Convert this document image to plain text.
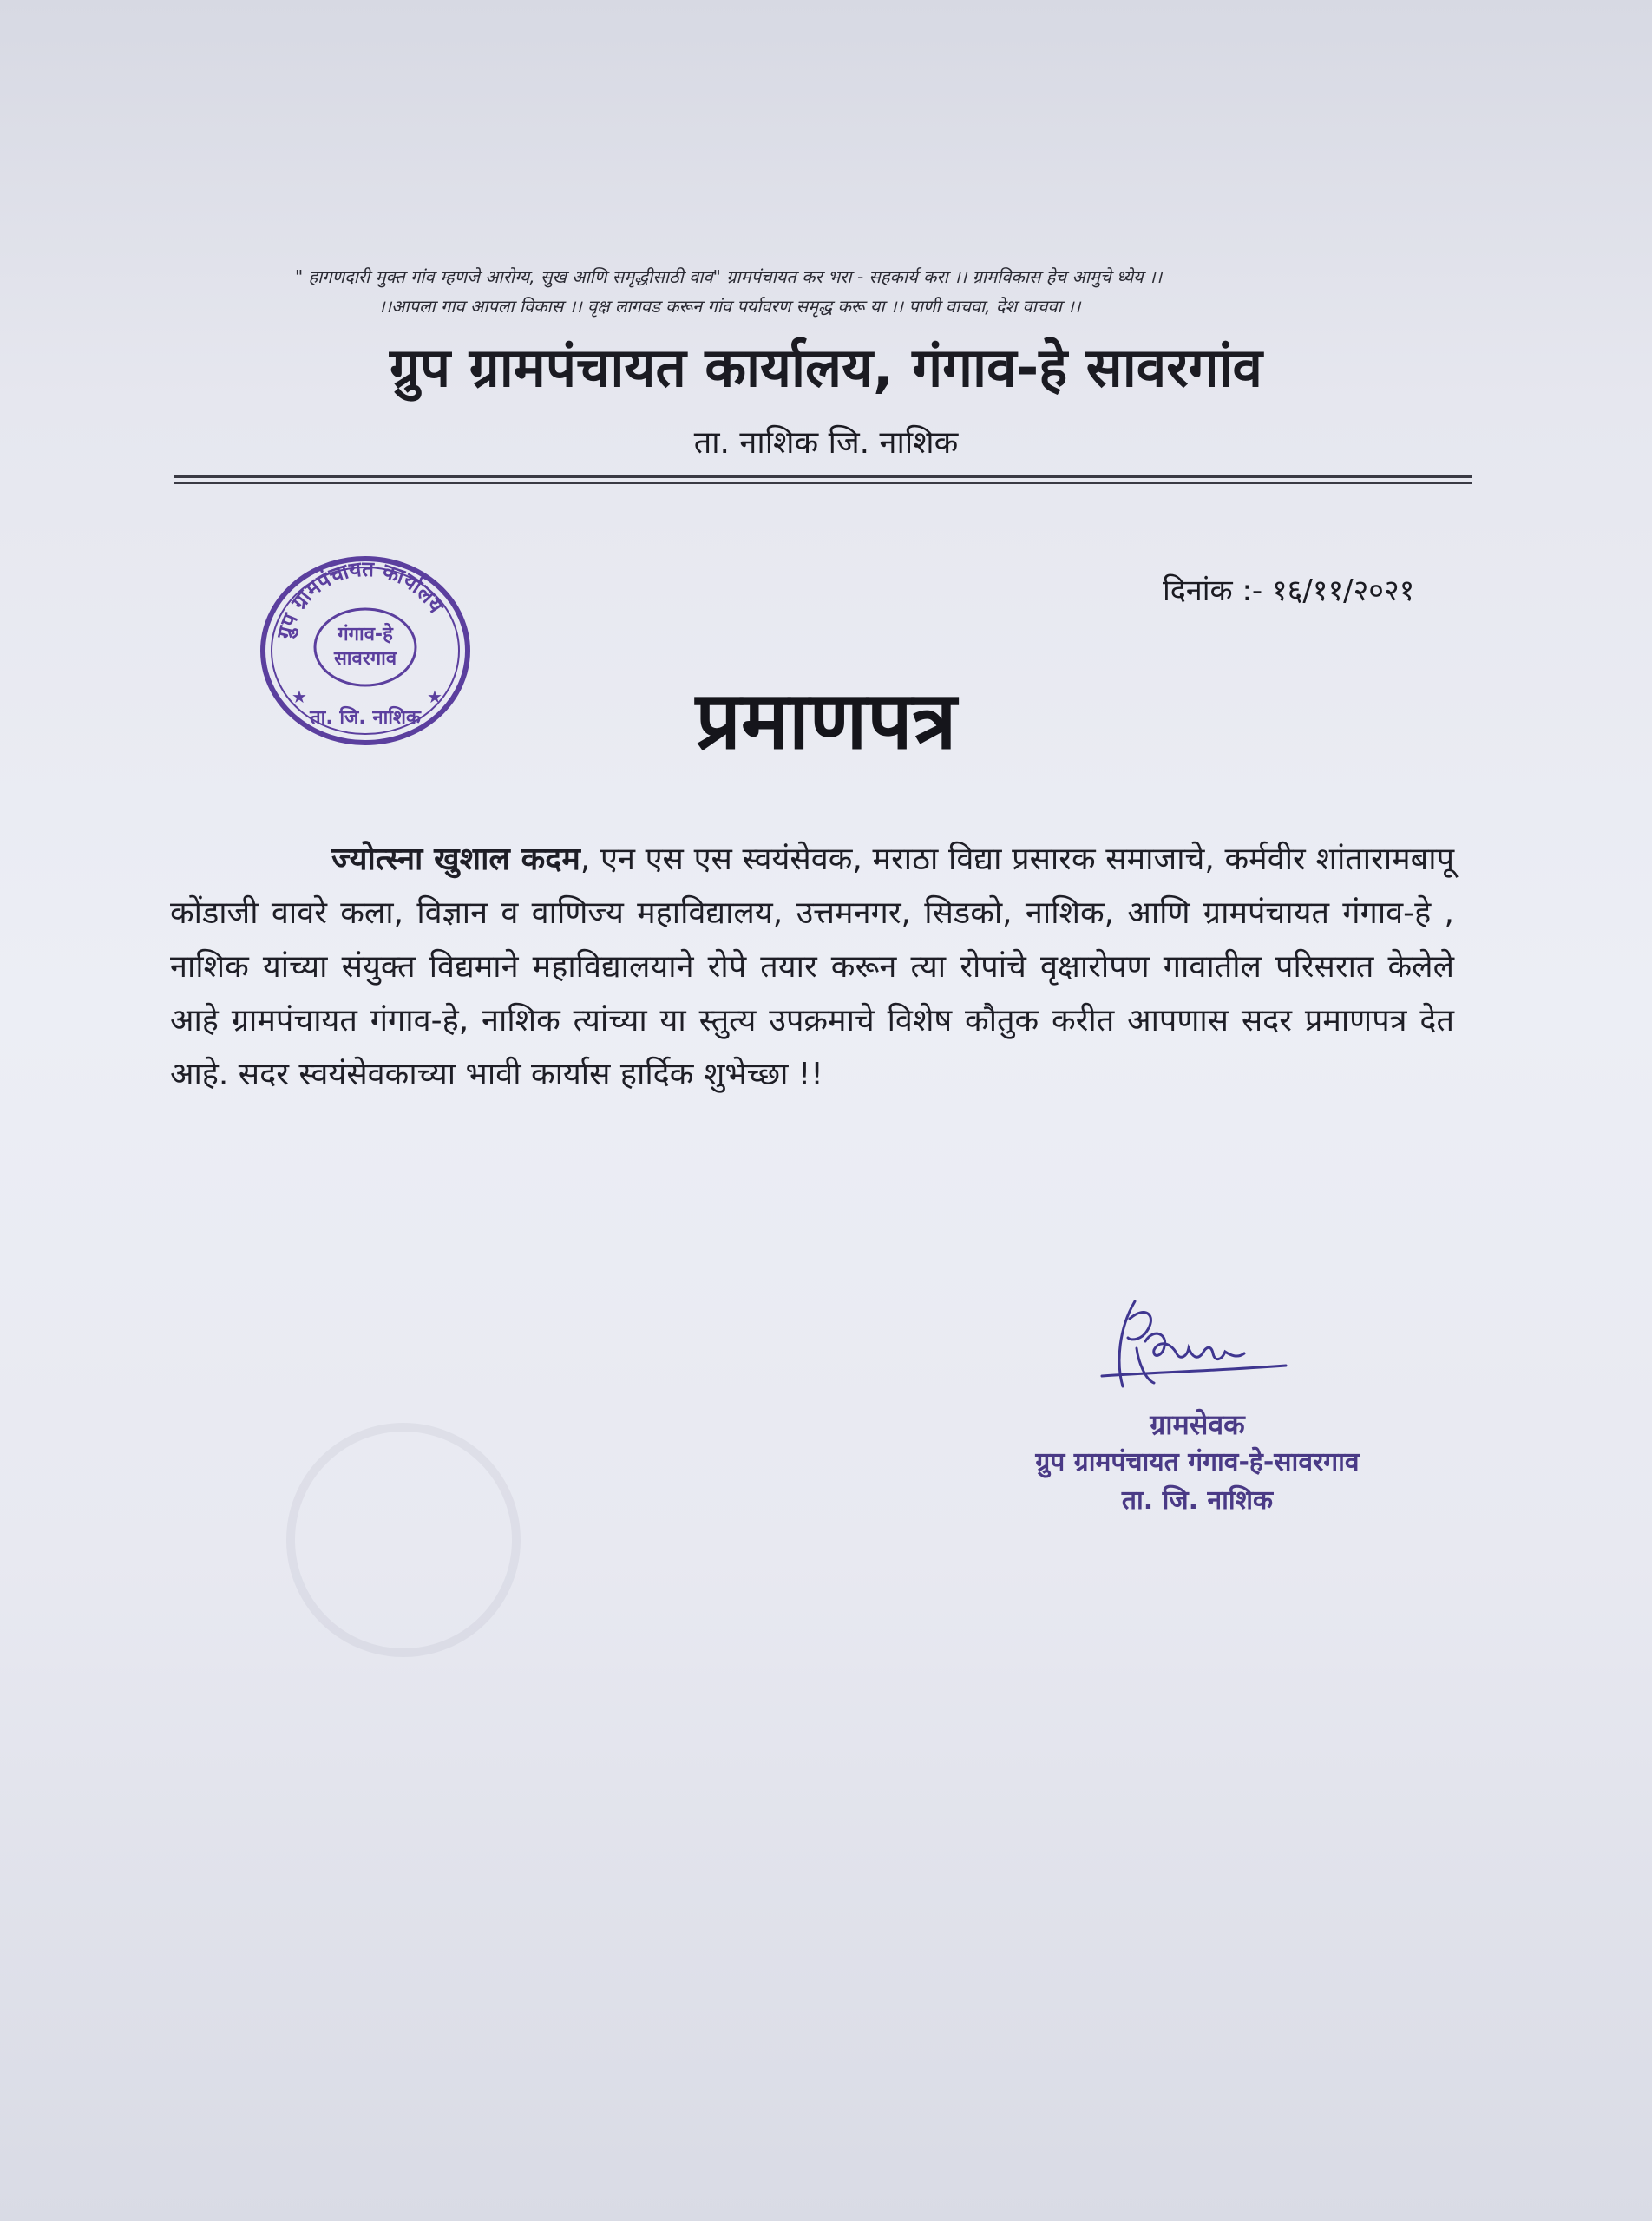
" हागणदारी मुक्त गांव म्हणजे आरोग्य, सुख आणि समृद्धीसाठी वाव" ग्रामपंचायत कर भरा - सहकार्य करा ।। ग्रामविकास हेच आमुचे ध्येय ।।
।।आपला गाव आपला विकास ।। वृक्ष लागवड करून गांव पर्यावरण समृद्ध करू या ।। पाणी वाचवा, देश वाचवा ।।
ग्रुप ग्रामपंचायत कार्यालय, गंगाव-हे सावरगांव
ता. नाशिक जि. नाशिक
ग्रुप ग्रामपंचायत कार्यालय
गंगाव-हे
सावरगाव
ता. जि. नाशिक
★	★
दिनांक :- १६/११/२०२१
प्रमाणपत्र
ज्योत्स्ना खुशाल कदम, एन एस एस स्वयंसेवक, मराठा विद्या प्रसारक समाजाचे, कर्मवीर शांतारामबापू कोंडाजी वावरे कला, विज्ञान व वाणिज्य महाविद्यालय, उत्तमनगर, सिडको, नाशिक, आणि ग्रामपंचायत गंगाव-हे , नाशिक यांच्या संयुक्त विद्यमाने महाविद्यालयाने रोपे तयार करून त्या रोपांचे वृक्षारोपण गावातील परिसरात केलेले आहे ग्रामपंचायत गंगाव-हे, नाशिक त्यांच्या या स्तुत्य उपक्रमाचे विशेष कौतुक करीत आपणास सदर प्रमाणपत्र देत आहे. सदर स्वयंसेवकाच्या भावी कार्यास हार्दिक शुभेच्छा !!
ग्रामसेवक
ग्रुप ग्रामपंचायत गंगाव-हे-सावरगाव
ता. जि. नाशिक
